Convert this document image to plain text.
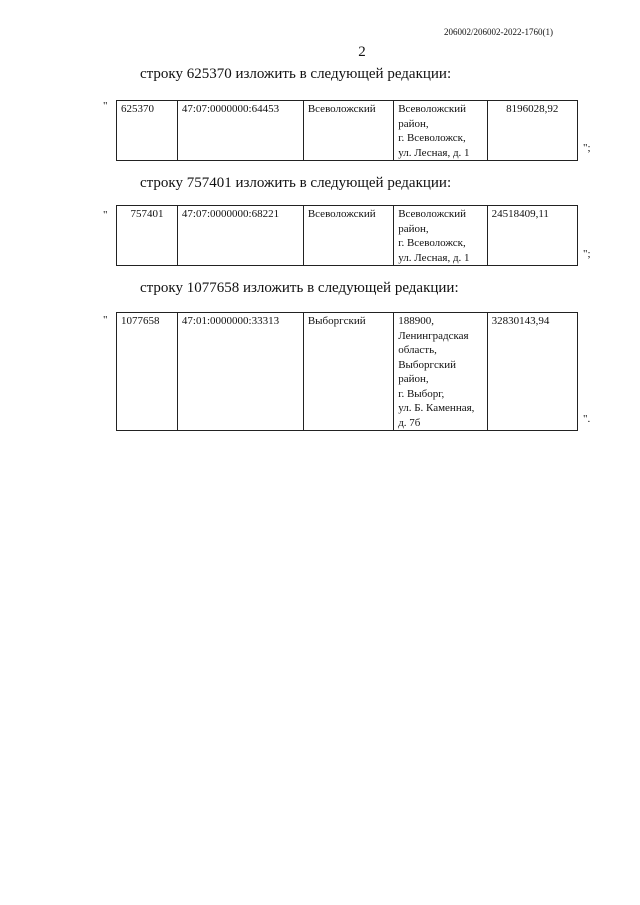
206002/206002-2022-1760(1)
2
строку 625370 изложить в следующей редакции:
" 625370	47:07:0000000:64453	Всеволожский	Всеволожский
район,
г. Всеволожск,
ул. Лесная, д. 1
	8196028,92
";
строку 757401 изложить в следующей редакции:
" 757401	47:07:0000000:68221	Всеволожский	Всеволожский
район,
г. Всеволожск,
ул. Лесная, д. 1
	24518409,11
";
строку 1077658 изложить в следующей редакции:
" 1077658	47:01:0000000:33313	Выборгский	188900,
Ленинградская
область,
Выборгский
район,
г. Выборг,
ул. Б. Каменная,
д. 7б
	32830143,94
".
